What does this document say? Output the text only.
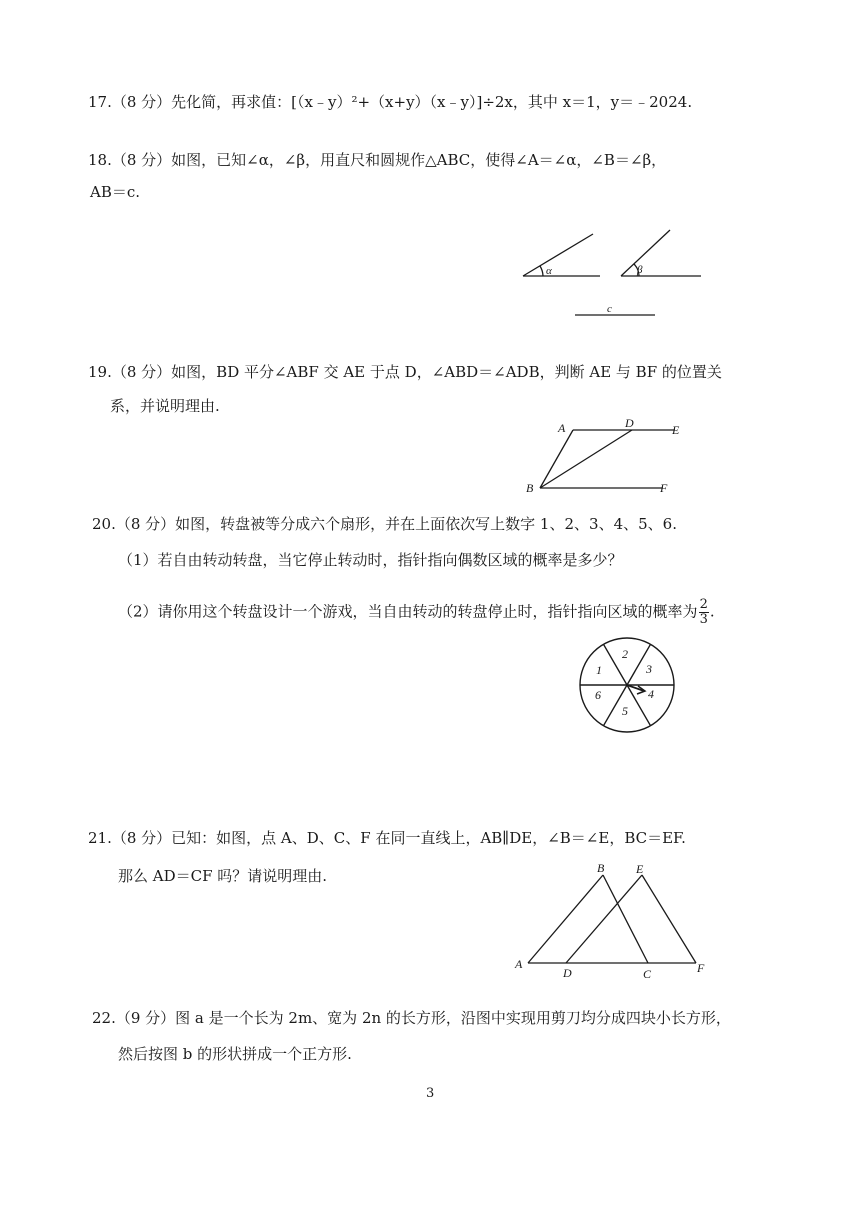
17.（8 分）先化简，再求值：[（x﹣y）²+（x+y）（x﹣y）]÷2x，其中 x＝1，y＝﹣2024.
18.（8 分）如图，已知∠α，∠β，用直尺和圆规作△ABC，使得∠A＝∠α，∠B＝∠β，
AB＝c.
α	β
c
19.（8 分）如图，BD 平分∠ABF 交 AE 于点 D，∠ABD＝∠ADB，判断 AE 与 BF 的位置关
系，并说明理由.
A	D	E
B	F
20.（8 分）如图，转盘被等分成六个扇形，并在上面依次写上数字 1、2、3、4、5、6.
（1）若自由转动转盘，当它停止转动时，指针指向偶数区域的概率是多少？
（2）请你用这个转盘设计一个游戏，当自由转动的转盘停止时，指针指向区域的概率为 $\frac{2}{3}$ .
1
2
3
4
5
6
21.（8 分）已知：如图，点 A、D、C、F 在同一直线上，AB∥DE，∠B＝∠E，BC＝EF.
那么 AD＝CF 吗？请说明理由.
A
B
C
D
E
F
22.（9 分）图 a 是一个长为 2m、宽为 2n 的长方形，沿图中实现用剪刀均分成四块小长方形，
然后按图 b 的形状拼成一个正方形.
3
